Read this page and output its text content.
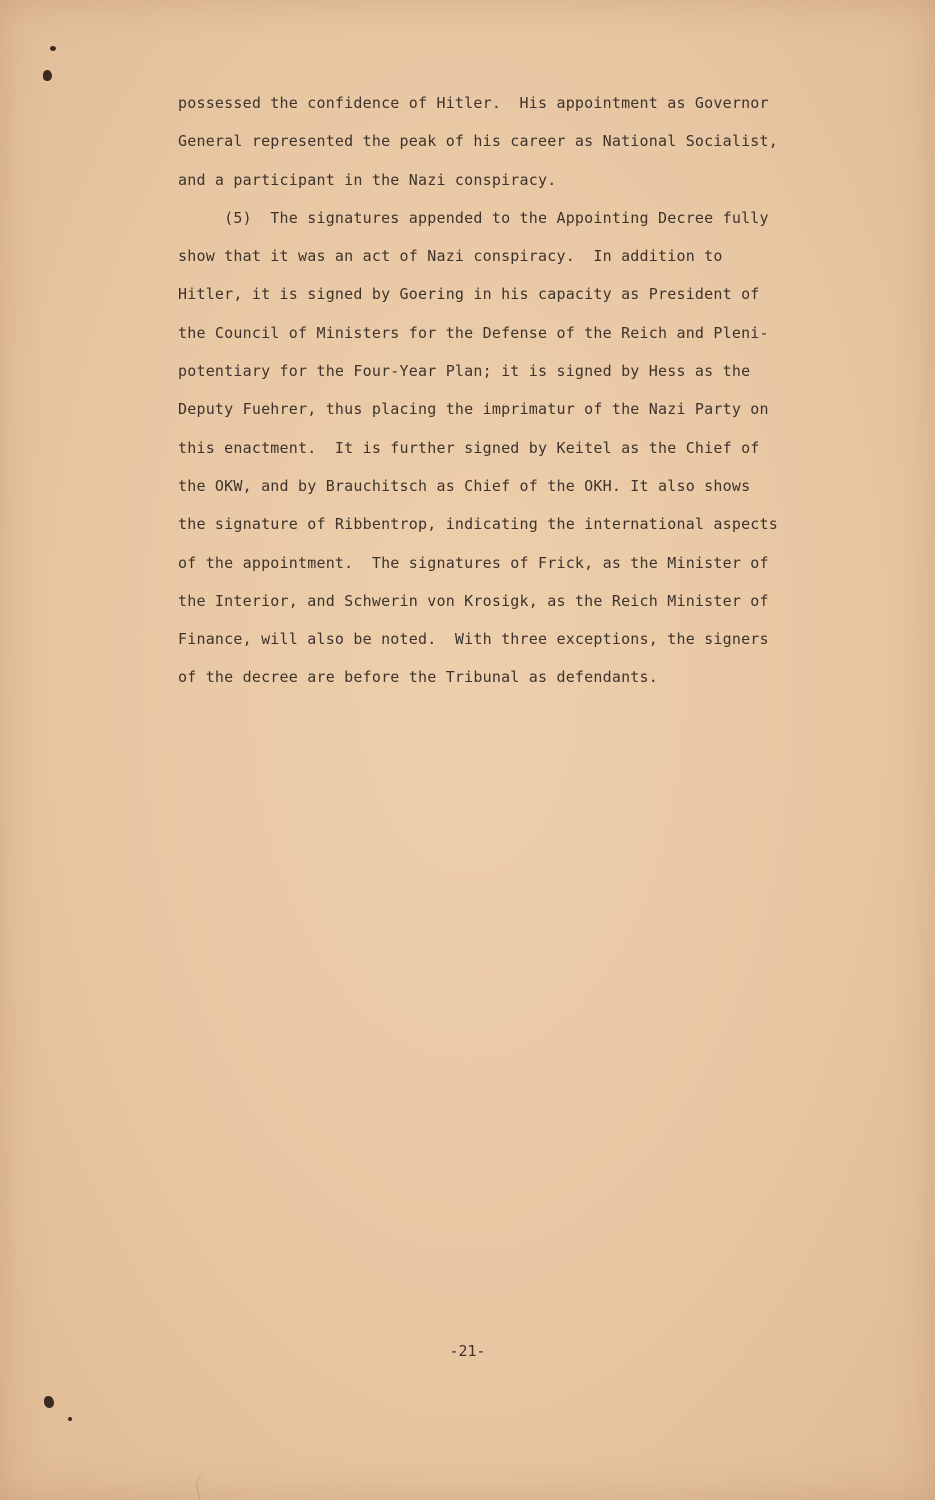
possessed the confidence of Hitler.  His appointment as Governor
General represented the peak of his career as National Socialist,
and a participant in the Nazi conspiracy.
(5)  The signatures appended to the Appointing Decree fully
show that it was an act of Nazi conspiracy.  In addition to
Hitler, it is signed by Goering in his capacity as President of
the Council of Ministers for the Defense of the Reich and Pleni-
potentiary for the Four-Year Plan; it is signed by Hess as the
Deputy Fuehrer, thus placing the imprimatur of the Nazi Party on
this enactment.  It is further signed by Keitel as the Chief of
the OKW, and by Brauchitsch as Chief of the OKH. It also shows
the signature of Ribbentrop, indicating the international aspects
of the appointment.  The signatures of Frick, as the Minister of
the Interior, and Schwerin von Krosigk, as the Reich Minister of
Finance, will also be noted.  With three exceptions, the signers
of the decree are before the Tribunal as defendants.
-21-
